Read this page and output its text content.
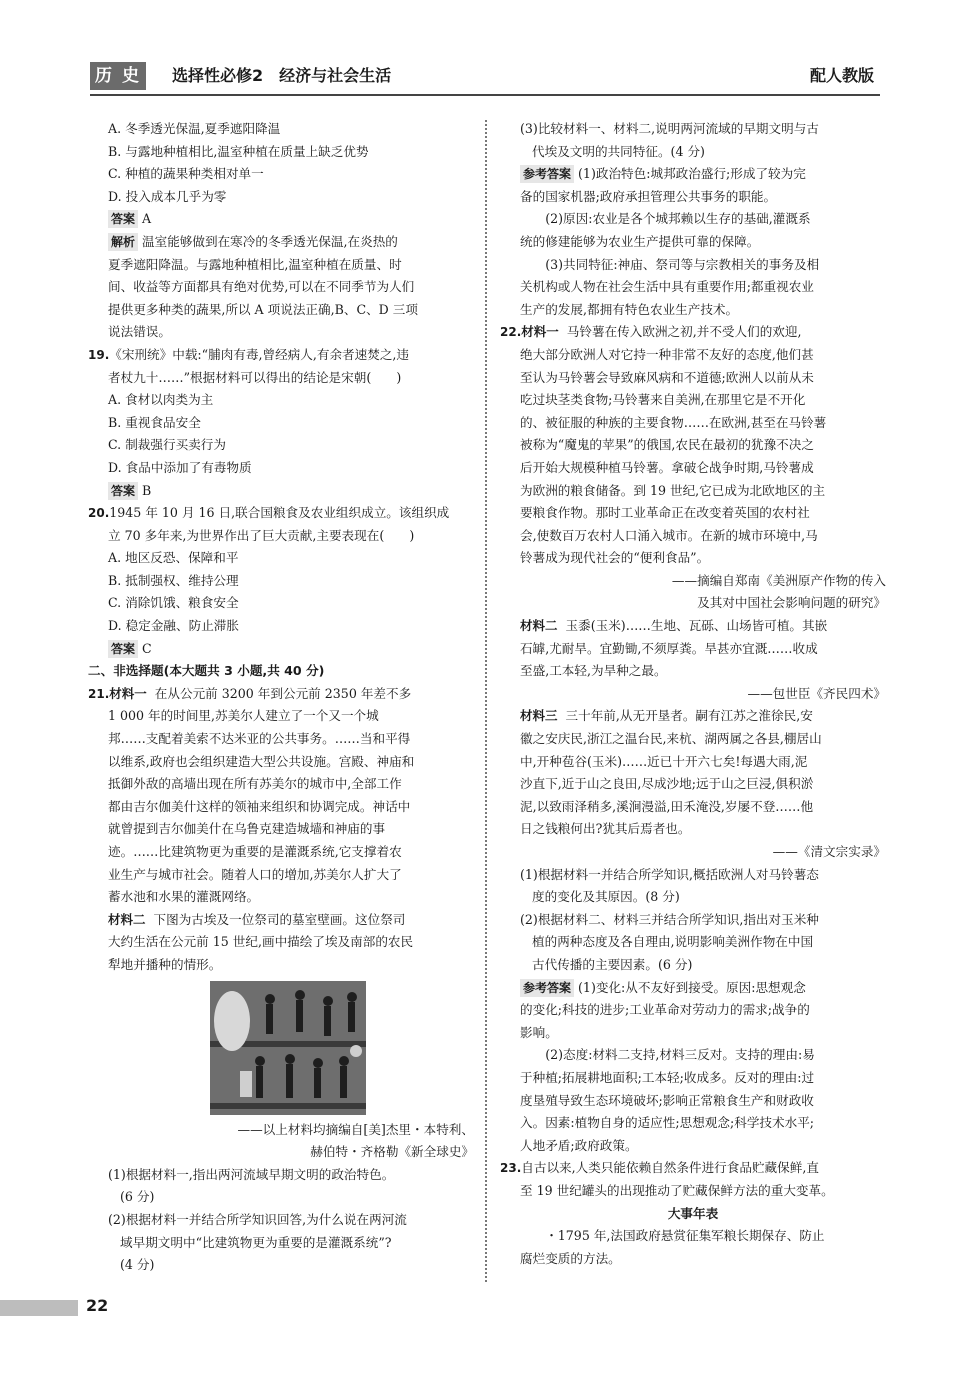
历 史	选择性必修2　经济与社会生活	配人教版
A. 冬季透光保温,夏季遮阳降温
B. 与露地种植相比,温室种植在质量上缺乏优势
C. 种植的蔬果种类相对单一
D. 投入成本几乎为零
答案 A
解析 温室能够做到在寒冷的冬季透光保温,在炎热的
夏季遮阳降温。与露地种植相比,温室种植在质量、时
间、收益等方面都具有绝对优势,可以在不同季节为人们
提供更多种类的蔬果,所以 A 项说法正确,B、C、D 三项
说法错误。
19.《宋刑统》中载:“脯肉有毒,曾经病人,有余者速焚之,违
者杖九十……”根据材料可以得出的结论是宋朝(　　)
A. 食材以肉类为主
B. 重视食品安全
C. 制裁强行买卖行为
D. 食品中添加了有毒物质
答案 B
20.1945 年 10 月 16 日,联合国粮食及农业组织成立。该组织成
立 70 多年来,为世界作出了巨大贡献,主要表现在(　　)
A. 地区反恐、保障和平
B. 抵制强权、维持公理
C. 消除饥饿、粮食安全
D. 稳定金融、防止滞胀
答案 C
二、非选择题(本大题共 3 小题,共 40 分)
21.材料一 在从公元前 3200 年到公元前 2350 年差不多
1 000 年的时间里,苏美尔人建立了一个又一个城
邦……支配着美索不达米亚的公共事务。……当和平得
以维系,政府也会组织建造大型公共设施。宫殿、神庙和
抵御外敌的高墙出现在所有苏美尔的城市中,全部工作
都由吉尔伽美什这样的领袖来组织和协调完成。神话中
就曾提到吉尔伽美什在乌鲁克建造城墙和神庙的事
迹。……比建筑物更为重要的是灌溉系统,它支撑着农
业生产与城市社会。随着人口的增加,苏美尔人扩大了
蓄水池和水果的灌溉网络。
材料二 下图为古埃及一位祭司的墓室壁画。这位祭司
大约生活在公元前 15 世纪,画中描绘了埃及南部的农民
犁地并播种的情形。
——以上材料均摘编自[美]杰里・本特利、
赫伯特・齐格勒《新全球史》
(1)根据材料一,指出两河流域早期文明的政治特色。
(6 分)
(2)根据材料一并结合所学知识回答,为什么说在两河流
域早期文明中“比建筑物更为重要的是灌溉系统”?
(4 分)
(3)比较材料一、材料二,说明两河流域的早期文明与古
代埃及文明的共同特征。(4 分)
参考答案 (1)政治特色:城邦政治盛行;形成了较为完
备的国家机器;政府承担管理公共事务的职能。
(2)原因:农业是各个城邦赖以生存的基础,灌溉系
统的修建能够为农业生产提供可靠的保障。
(3)共同特征:神庙、祭司等与宗教相关的事务及相
关机构或人物在社会生活中具有重要作用;都重视农业
生产的发展,都拥有特色农业生产技术。
22.材料一 马铃薯在传入欧洲之初,并不受人们的欢迎,
绝大部分欧洲人对它持一种非常不友好的态度,他们甚
至认为马铃薯会导致麻风病和不道德;欧洲人以前从未
吃过块茎类食物;马铃薯来自美洲,在那里它是不开化
的、被征服的种族的主要食物……在欧洲,甚至在马铃薯
被称为“魔鬼的苹果”的俄国,农民在最初的犹豫不决之
后开始大规模种植马铃薯。拿破仑战争时期,马铃薯成
为欧洲的粮食储备。到 19 世纪,它已成为北欧地区的主
要粮食作物。那时工业革命正在改变着英国的农村社
会,使数百万农村人口涌入城市。在新的城市环境中,马
铃薯成为现代社会的“便利食品”。
——摘编自郑南《美洲原产作物的传入
及其对中国社会影响问题的研究》
材料二 玉黍(玉米)……生地、瓦砾、山场皆可植。其嵌
石罅,尤耐旱。宜勤锄,不须厚粪。旱甚亦宜溉……收成
至盛,工本轻,为旱种之最。
——包世臣《齐民四术》
材料三 三十年前,从无开垦者。嗣有江苏之淮徐民,安
徽之安庆民,浙江之温台民,来杭、湖两属之各县,棚居山
中,开种苞谷(玉米)……近已十开六七矣!每遇大雨,泥
沙直下,近于山之良田,尽成沙地;远于山之巨浸,俱积淤
泥,以致雨泽稍多,溪涧漫溢,田禾淹没,岁屡不登……他
日之钱粮何出?犹其后焉者也。
——《清文宗实录》
(1)根据材料一并结合所学知识,概括欧洲人对马铃薯态
度的变化及其原因。(8 分)
(2)根据材料二、材料三并结合所学知识,指出对玉米种
植的两种态度及各自理由,说明影响美洲作物在中国
古代传播的主要因素。(6 分)
参考答案 (1)变化:从不友好到接受。原因:思想观念
的变化;科技的进步;工业革命对劳动力的需求;战争的
影响。
(2)态度:材料二支持,材料三反对。支持的理由:易
于种植;拓展耕地面积;工本轻;收成多。反对的理由:过
度垦殖导致生态环境破坏;影响正常粮食生产和财政收
入。因素:植物自身的适应性;思想观念;科学技术水平;
人地矛盾;政府政策。
23.自古以来,人类只能依赖自然条件进行食品贮藏保鲜,直
至 19 世纪罐头的出现推动了贮藏保鲜方法的重大变革。
大事年表
・1795 年,法国政府悬赏征集军粮长期保存、防止
腐烂变质的方法。
22
